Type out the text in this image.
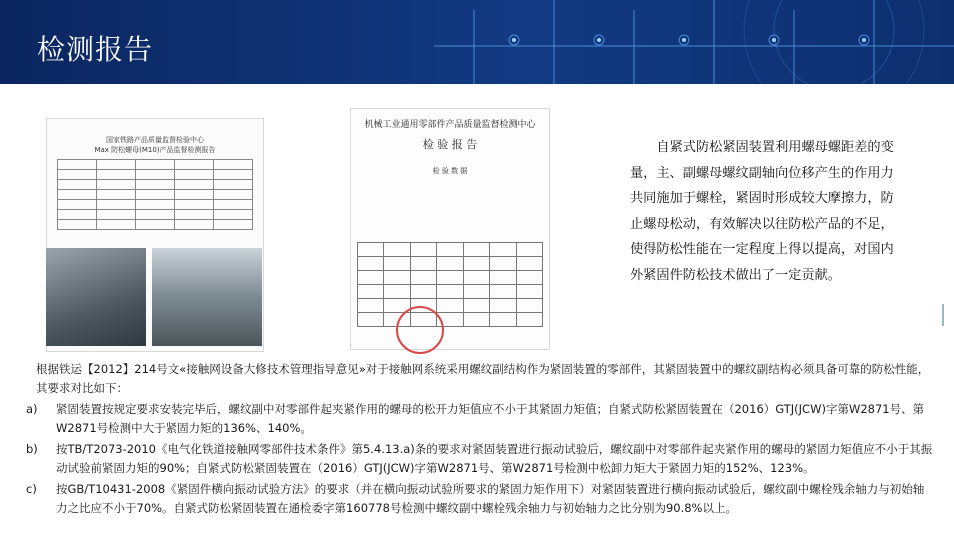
检测报告
国家铁路产品质量监督检验中心
Max 防松螺母(M10)产品监督检测报告

机械工业通用零部件产品质量监督检测中心
检 验 报 告
检 验 数 据

自紧式防松紧固装置利用螺母螺距差的变量，主、副螺母螺纹副轴向位移产生的作用力共同施加于螺栓，紧固时形成较大摩擦力，防止螺母松动，有效解决以往防松产品的不足，使得防松性能在一定程度上得以提高，对国内外紧固件防松技术做出了一定贡献。

根据铁运【2012】214号文«接触网设备大修技术管理指导意见»对于接触网系统采用螺纹副结构作为紧固装置的零部件，其紧固装置中的螺纹副结构必须具备可靠的防松性能，其要求对比如下：

a)	紧固装置按规定要求安装完毕后，螺纹副中对零部件起夹紧作用的螺母的松开力矩值应不小于其紧固力矩值；自紧式防松紧固装置在（2016）GTJ(JCW)字第W2871号、第W2871号检测中大于紧固力矩的136%、140%。
b)	按TB/T2073-2010《电气化铁道接触网零部件技术条件》第5.4.13.a)条的要求对紧固装置进行振动试验后，螺纹副中对零部件起夹紧作用的螺母的紧固力矩值应不小于其振动试验前紧固力矩的90%；自紧式防松紧固装置在（2016）GTJ(JCW)字第W2871号、第W2871号检测中松卸力矩大于紧固力矩的152%、123%。
c)	按GB/T10431-2008《紧固件横向振动试验方法》的要求（并在横向振动试验所要求的紧固力矩作用下）对紧固装置进行横向振动试验后，螺纹副中螺栓残余轴力与初始轴力之比应不小于70%。自紧式防松紧固装置在通检委字第160778号检测中螺纹副中螺栓残余轴力与初始轴力之比分别为90.8%以上。
